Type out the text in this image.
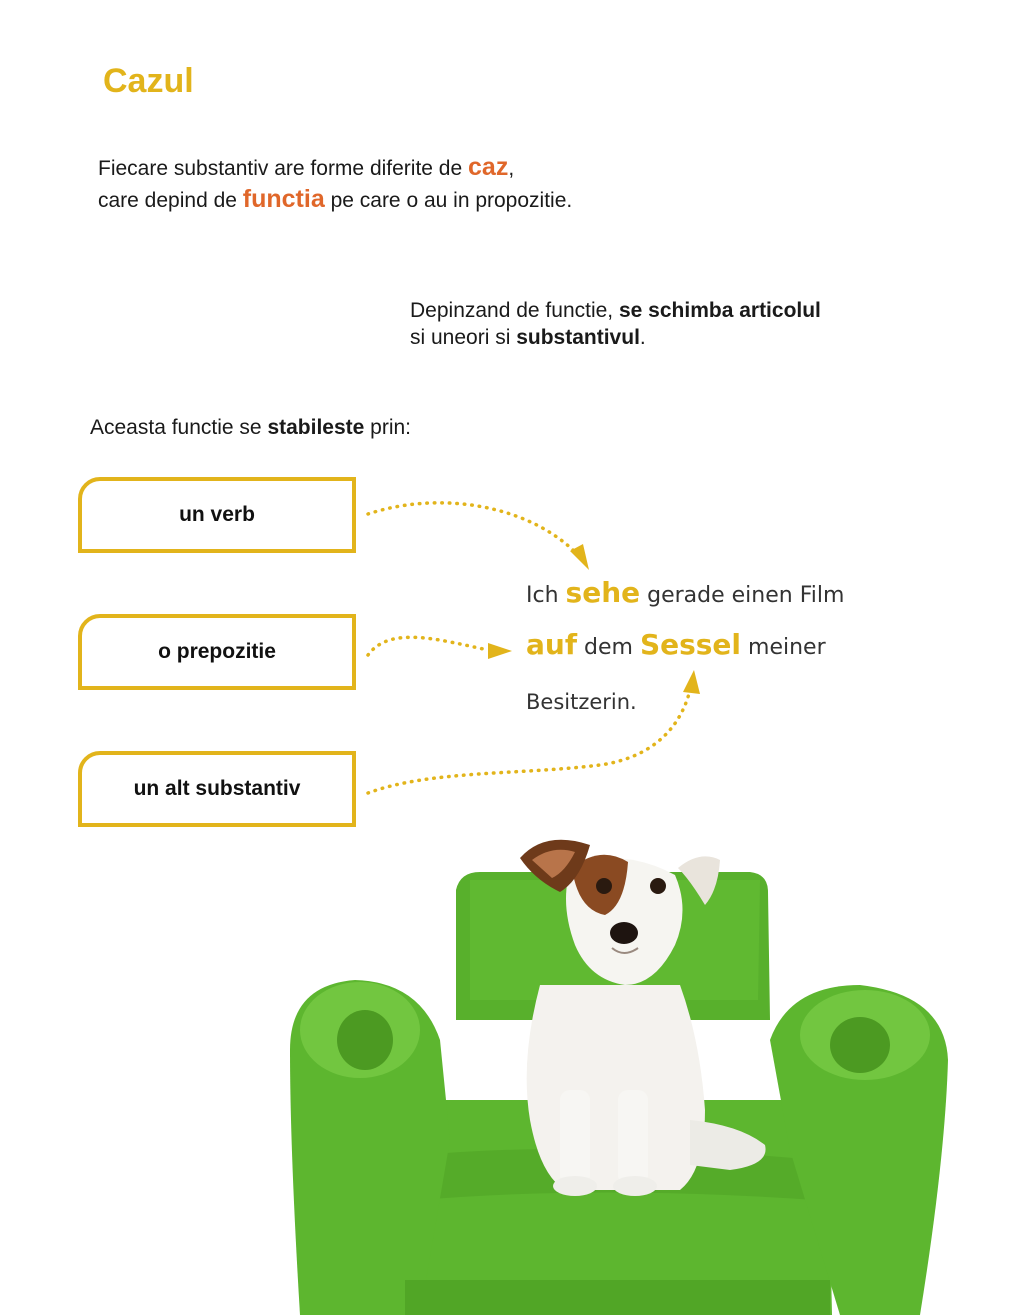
Cazul
Fiecare substantiv are forme diferite de caz,
care depind de functia pe care o au in propozitie.
Depinzand de functie, se schimba articolul
si uneori si substantivul.
Aceasta functie se stabileste prin:
un verb
o prepozitie
un alt substantiv
Ich sehe gerade einen Film
auf dem Sessel meiner
Besitzerin.
